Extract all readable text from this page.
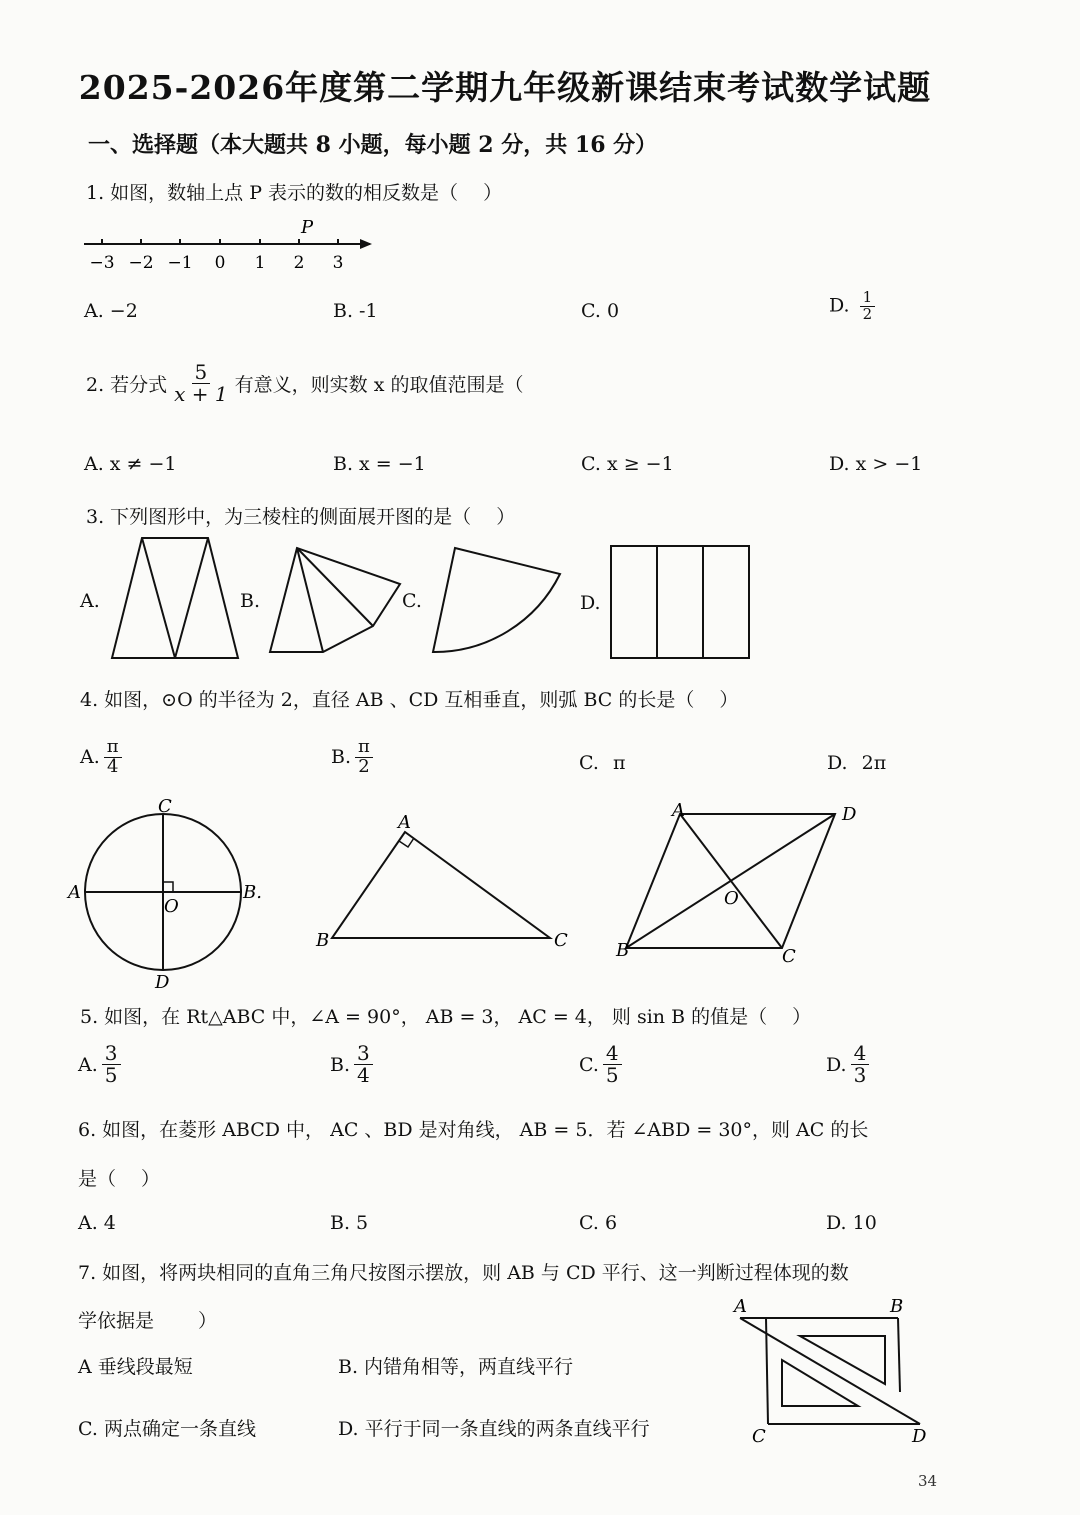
2025-2026年度第二学期九年级新课结束考试数学试题
一、选择题（本大题共 8 小题，每小题 2 分，共 16 分）
1. 如图，数轴上点 P 表示的数的相反数是（　 ）
P
−3 −2 −1 0 1 2 3
A. −2	B. -1	C. 0	D. $\frac{1}{2}$
2. 若分式 $\frac{5}{x + 1}$ 有意义，则实数 x 的取值范围是（
A. x ≠ −1	B. x = −1	C. x ≥ −1	D. x > −1
3. 下列图形中，为三棱柱的侧面展开图的是（　 ）
A.	B.	C.	D.
4. 如图，⊙O 的半径为 2，直径 AB 、CD 互相垂直，则弧 BC 的长是（　 ）
A. $\frac{\pi}{4}$	B. $\frac{\pi}{2}$	C. π	D. 2π
C
A
O
B.
D
A
B	C
A	D
O
B	C
5. 如图，在 Rt△ABC 中，∠A = 90°， AB = 3， AC = 4， 则 sin B 的值是（　 ）
A. $\frac{3}{5}$	B. $\frac{3}{4}$	C. $\frac{4}{5}$	D. $\frac{4}{3}$
6. 如图，在菱形 ABCD 中， AC 、BD 是对角线， AB = 5．若 ∠ABD = 30°，则 AC 的长
是（　 ）
A. 4	B. 5	C. 6	D. 10
7. 如图，将两块相同的直角三角尺按图示摆放，则 AB 与 CD 平行、这一判断过程体现的数
学依据是　　 ）
A 垂线段最短	B. 内错角相等，两直线平行
C. 两点确定一条直线	D. 平行于同一条直线的两条直线平行
A	B
C	D
34
